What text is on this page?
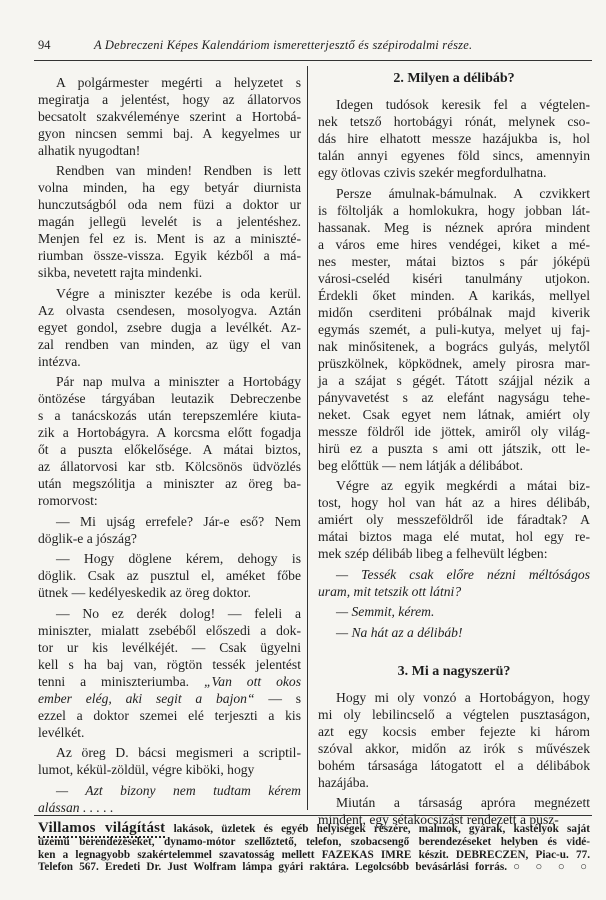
94	A Debreczeni Képes Kalendáriom ismeretterjesztő és szépirodalmi része.
A polgármester megérti a helyzetet s
megiratja a jelentést, hogy az állatorvos
becsatolt szakvéleménye szerint a Hortobá-
gyon nincsen semmi baj. A kegyelmes ur
alhatik nyugodtan!
Rendben van minden! Rendben is lett
volna minden, ha egy betyár diurnista
hunczutságból oda nem füzi a doktor ur
magán jellegü levelét is a jelentéshez.
Menjen fel ez is. Ment is az a miniszté-
riumban össze-vissza. Egyik kézből a má-
sikba, nevetett rajta mindenki.
Végre a miniszter kezébe is oda kerül.
Az olvasta csendesen, mosolyogva. Aztán
egyet gondol, zsebre dugja a levélkét. Az-
zal rendben van minden, az ügy el van
intézva.
Pár nap mulva a miniszter a Hortobágy
öntözése tárgyában leutazik Debreczenbe
s a tanácskozás után terepszemlére kiuta-
zik a Hortobágyra. A korcsma előtt fogadja
őt a puszta előkelősége. A mátai biztos,
az állatorvosi kar stb. Kölcsönös üdvözlés
után megszólitja a miniszter az öreg ba-
romorvost:
— Mi ujság errefele? Jár-e eső? Nem
döglik-e a jószág?
— Hogy döglene kérem, dehogy is
döglik. Csak az pusztul el, améket főbe
ütnek — kedélyeskedik az öreg doktor.
— No ez derék dolog! — feleli a
miniszter, mialatt zsebéből előszedi a dok-
tor ur kis levélkéjét. — Csak ügyelni
kell s ha baj van, rögtön tessék jelentést
tenni a miniszteriumba. „Van ott okos
ember elég, aki segit a bajon“ — s
ezzel a doktor szemei elé terjeszti a kis
levélkét.
Az öreg D. bácsi megismeri a scriptil-
lumot, kékül-zöldül, végre kiböki, hogy
— Azt bizony nem tudtam kérem
alássan . . . . .
2. Milyen a délibáb?
Idegen tudósok keresik fel a végtelen-
nek tetsző hortobágyi rónát, melynek cso-
dás hire elhatott messze hazájukba is, hol
talán annyi egyenes föld sincs, amennyin
egy ötlovas czivis szekér megfordulhatna.
Persze ámulnak-bámulnak. A czvikkert
is föltolják a homlokukra, hogy jobban lát-
hassanak. Meg is néznek apróra mindent
a város eme hires vendégei, kiket a mé-
nes mester, mátai biztos s pár jóképü
városi-cseléd kiséri tanulmány utjokon.
Érdekli őket minden. A karikás, mellyel
midőn cserditeni próbálnak majd kiverik
egymás szemét, a puli-kutya, melyet uj faj-
nak minősitenek, a bogrács gulyás, melytől
prüszkölnek, köpködnek, amely pirosra mar-
ja a szájat s gégét. Tátott szájjal nézik a
pányvavetést s az elefánt nagyságu tehe-
neket. Csak egyet nem látnak, amiért oly
messze földről ide jöttek, amiről oly világ-
hirü ez a puszta s ami ott játszik, ott le-
beg előttük — nem látják a délibábot.
Végre az egyik megkérdi a mátai biz-
tost, hogy hol van hát az a hires délibáb,
amiért oly messzeföldről ide fáradtak? A
mátai biztos maga elé mutat, hol egy re-
mek szép délibáb libeg a felhevült légben:
— Tessék csak előre nézni méltóságos
uram, mit tetszik ott látni?
— Semmit, kérem.
— Na hát az a délibáb!
3. Mi a nagyszerü?
Hogy mi oly vonzó a Hortobágyon, hogy
mi oly lebilincselő a végtelen pusztaságon,
azt egy kocsis ember fejezte ki három
szóval akkor, midőn az irók s művészek
bohém társasága látogatott el a délibábok
hazájába.
Miután a társaság apróra megnézett
mindent, egy sétakocsizást rendezett a pusz-
Villamos világítást lakások, üzletek és egyéb helyiségek részére, malmok, gyárak, kastélyok saját
üzemű berendezéseket, dynamo-mótor szellőztető, telefon, szobacsengő berendezéseket helyben és vidé-
ken a legnagyobb szakértelemmel szavatosság mellett FAZEKAS IMRE készit. DEBRECZEN, Piac-u. 77.
Telefon 567. Eredeti Dr. Just Wolfram lámpa gyári raktára. Legolcsóbb bevásárlási forrás. ○ ○ ○ ○
